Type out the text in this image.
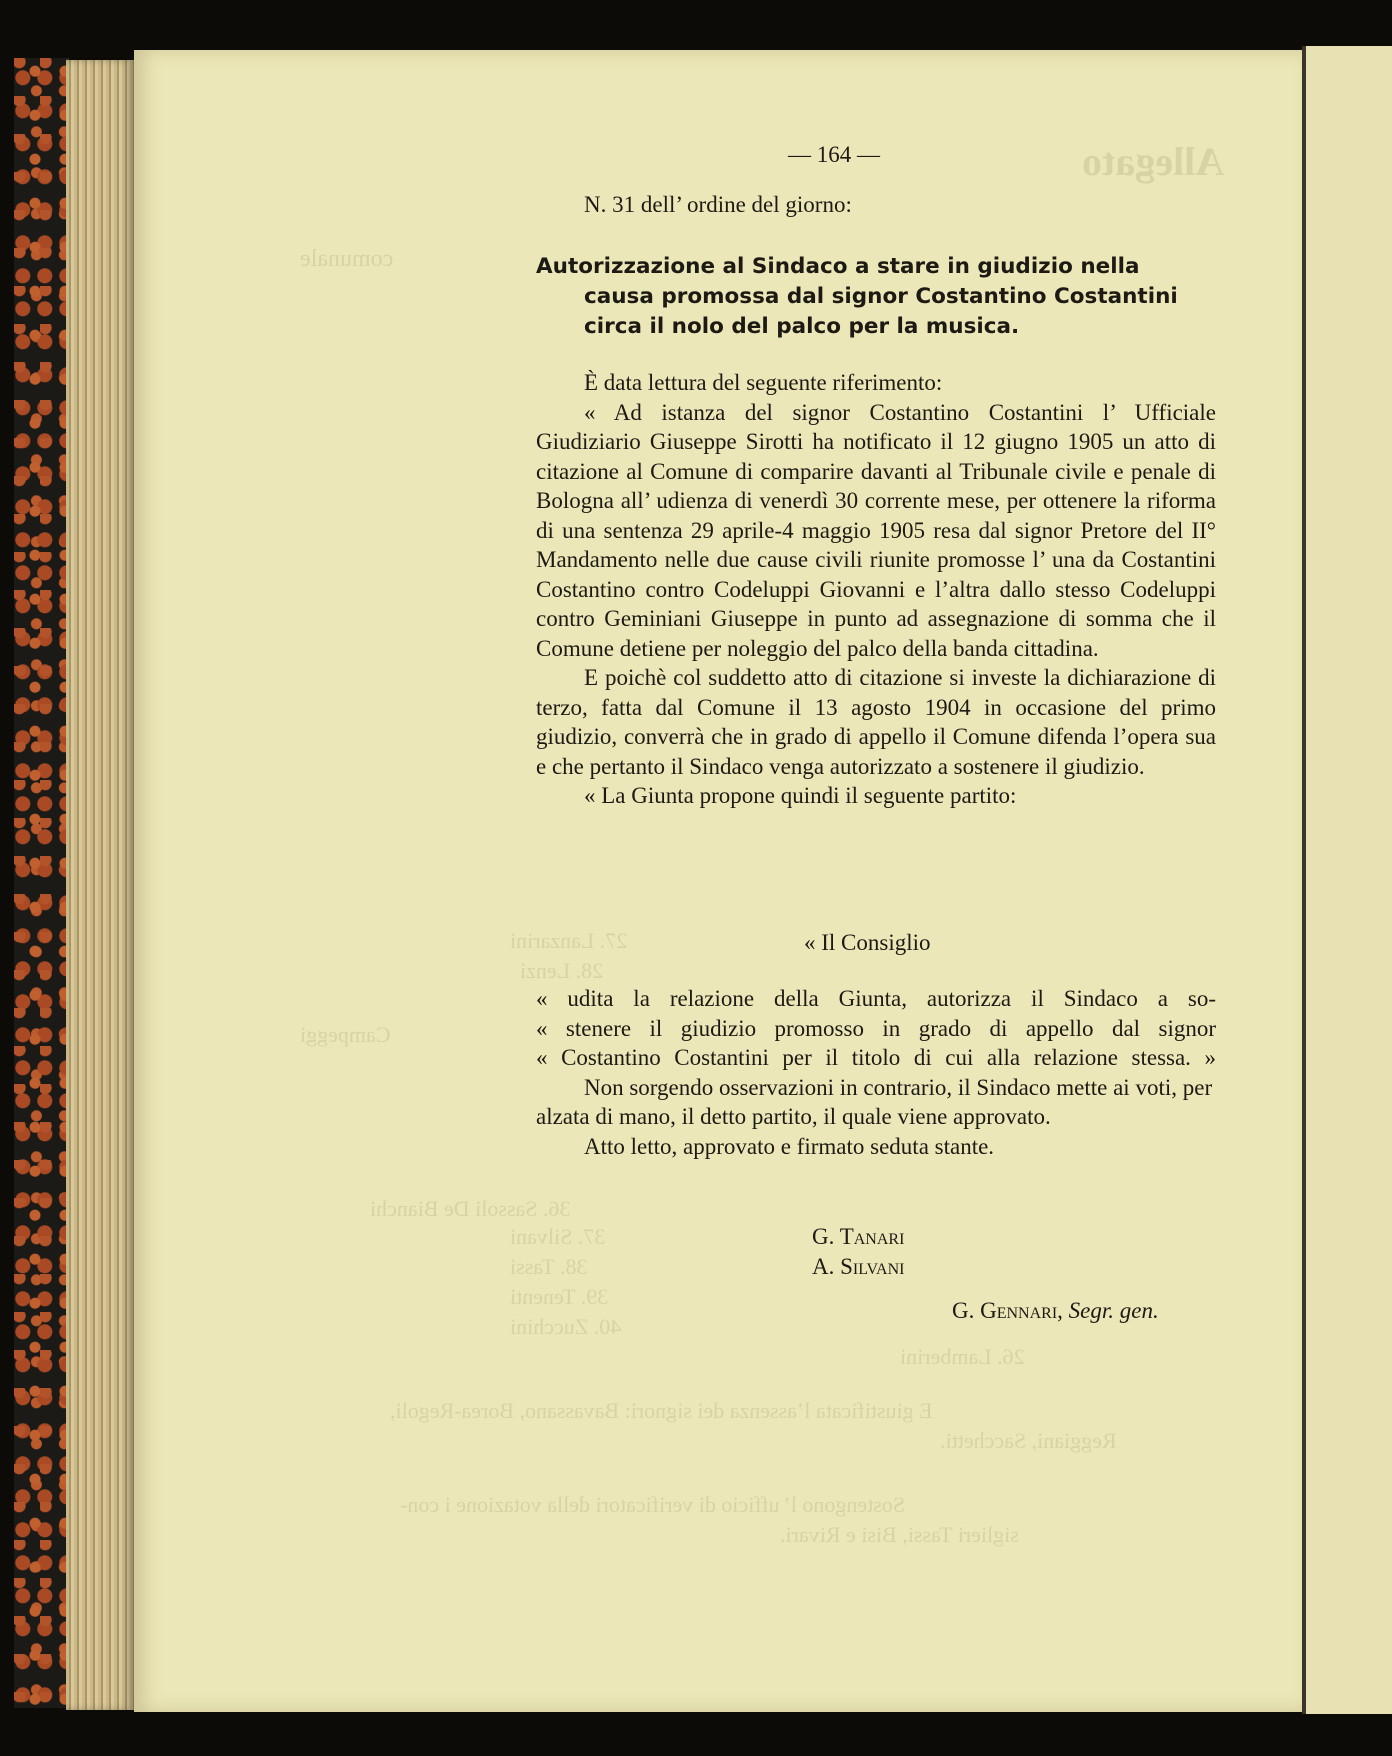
Allegato
comunale
27. Lanzarini
28. Lenzi
Campeggi
36. Sassoli De Bianchi
37. Silvani
38. Tassi
39. Tenenti
40. Zucchini
26. Lamberini
E giustificata l’assenza dei signori: Bavassano, Borea-Regoli,
Reggiani, Sacchetti.
Sostengono l’ ufficio di verificatori della votazione i con-
siglieri Tassi, Bisi e Rivari.
— 164 —
N. 31 dell’ ordine del giorno:
Autorizzazione al Sindaco a stare in giudizio nella
causa promossa dal signor Costantino Costantini
circa il nolo del palco per la musica.

È data lettura del seguente riferimento:

« Ad istanza del signor Costantino Costantini l’ Ufficiale Giudiziario Giuseppe Sirotti ha notificato il 12 giugno 1905 un atto di citazione al Comune di comparire davanti al Tribunale civile e penale di Bologna all’ udienza di venerdì 30 corrente mese, per ottenere la riforma di una sentenza 29 aprile-4 maggio 1905 resa dal signor Pretore del II° Mandamento nelle due cause civili riunite promosse l’ una da Costantini Costantino contro Codeluppi Giovanni e l’altra dallo stesso Codeluppi contro Geminiani Giuseppe in punto ad assegnazione di somma che il Comune detiene per noleggio del palco della banda cittadina.

E poichè col suddetto atto di citazione si investe la dichiarazione di terzo, fatta dal Comune il 13 agosto 1904 in occasione del primo giudizio, converrà che in grado di appello il Comune difenda l’opera sua e che pertanto il Sindaco venga autorizzato a sostenere il giudizio.

« La Giunta propone quindi il seguente partito:

« Il Consiglio

« udita la relazione della Giunta, autorizza il Sindaco a so-

« stenere il giudizio promosso in grado di appello dal signor

« Costantino Costantini per il titolo di cui alla relazione stessa. »

Non sorgendo osservazioni in contrario, il Sindaco mette ai voti, per alzata di mano, il detto partito, il quale viene approvato.

Atto letto, approvato e firmato seduta stante.

G. Tanari
A. Silvani
G. Gennari, Segr. gen.
